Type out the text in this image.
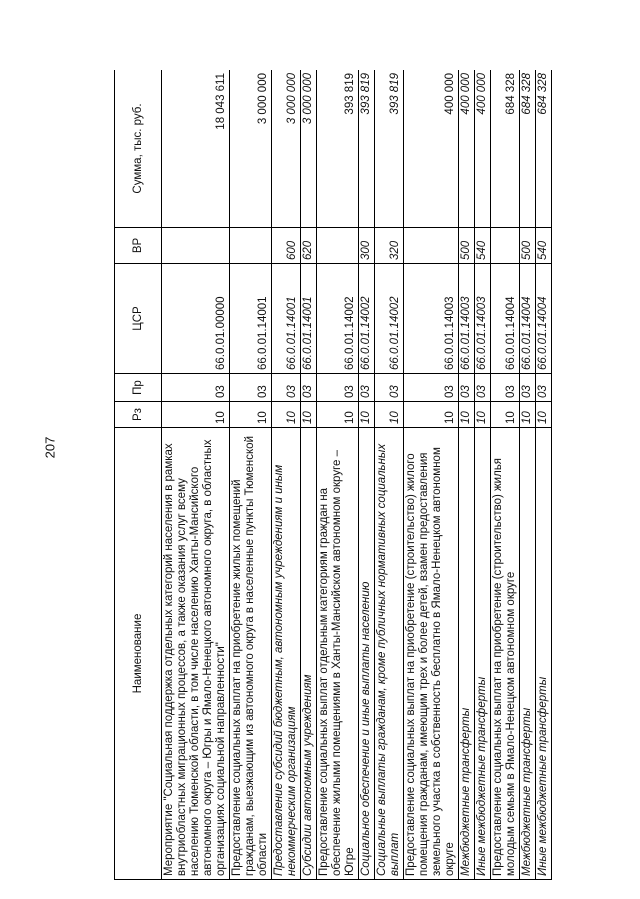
207
Наименование	Рз	Пр	ЦСР	ВР	Сумма, тыс. руб.
Мероприятие "Социальная поддержка отдельных категорий населения в рамках внутриобластных миграционных процессов, а также оказания услуг всему населению Тюменской области, в том числе населению Ханты-Мансийского автономного округа – Югры и Ямало-Ненецкого автономного округа, в областных организациях социальной направленности"	10	03	66.0.01.00000		18 043 611
Предоставление социальных выплат на приобретение жилых помещений гражданам, выезжающим из автономного округа в населенные пункты Тюменской области	10	03	66.0.01.14001		3 000 000
Предоставление субсидий бюджетным, автономным учреждениям и иным некоммерческим организациям	10	03	66.0.01.14001	600	3 000 000
Субсидии автономным учреждениям	10	03	66.0.01.14001	620	3 000 000
Предоставление социальных выплат отдельным категориям граждан на обеспечение жилыми помещениями в Ханты-Мансийском автономном округе – Югре	10	03	66.0.01.14002		393 819
Социальное обеспечение и иные выплаты населению	10	03	66.0.01.14002	300	393 819
Социальные выплаты гражданам, кроме публичных нормативных социальных выплат	10	03	66.0.01.14002	320	393 819
Предоставление социальных выплат на приобретение (строительство) жилого помещения гражданам, имеющим трех и более детей, взамен предоставления земельного участка в собственность бесплатно в Ямало-Ненецком автономном округе	10	03	66.0.01.14003		400 000
Межбюджетные трансферты	10	03	66.0.01.14003	500	400 000
Иные межбюджетные трансферты	10	03	66.0.01.14003	540	400 000
Предоставление социальных выплат на приобретение (строительство) жилья молодым семьям в Ямало-Ненецком автономном округе	10	03	66.0.01.14004		684 328
Межбюджетные трансферты	10	03	66.0.01.14004	500	684 328
Иные межбюджетные трансферты	10	03	66.0.01.14004	540	684 328
